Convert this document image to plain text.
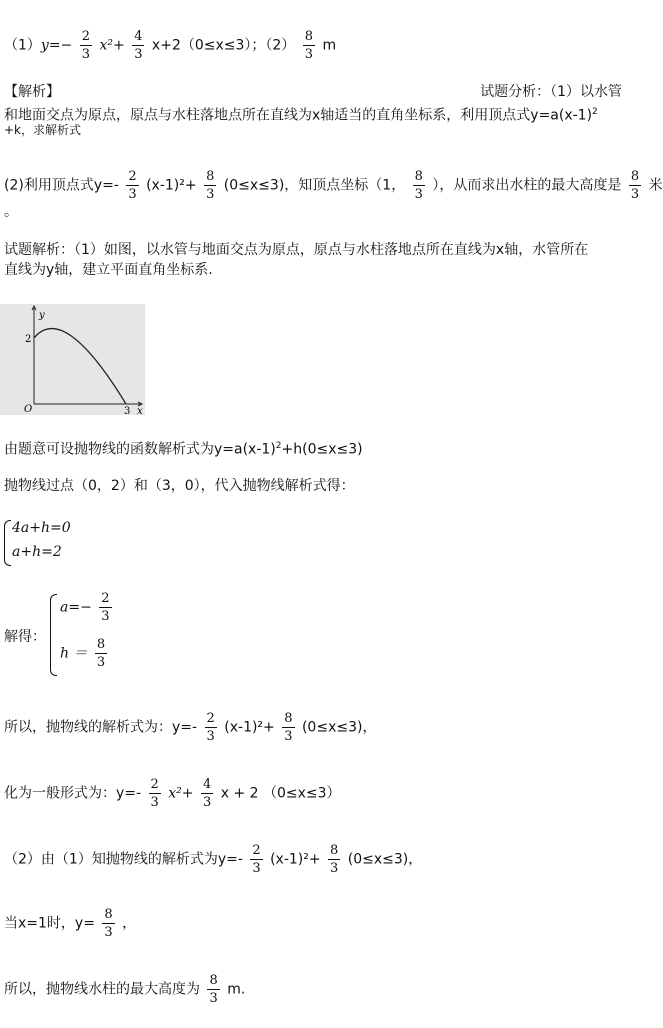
$(1)y=- \frac{2}{3} x^2+ \frac{4}{3} x+2(0\le x\le 3)$；$(2) \frac{8}{3}$ m
【解析】	试题分析：（1）以水管
和地面交点为原点，原点与水柱落地点所在直线为x轴适当的直角坐标系，利用顶点式$y=a(x-1)^2$
+k，求解析式
(2)利用顶点式$y=- \frac{2}{3} (x-1)^2+ \frac{8}{3} (0\le x\le 3)$，知顶点坐标（1， $\frac{8}{3}$ ），从而求出水柱的最大高度是 $\frac{8}{3}$ 米
。
试题解析：（1）如图，以水管与地面交点为原点，原点与水柱落地点所在直线为x轴，水管所在
直线为y轴，建立平面直角坐标系.
y
x
O
2
3
由题意可设抛物线的函数解析式为$y=a(x-1)^2+h(0\le x\le 3)$
抛物线过点（0，2）和（3，0），代入抛物线解析式得：
4a+h=0
a+h=2
解得：
$a=- \frac{2}{3}$
$h = \frac{8}{3}$
所以，抛物线的解析式为：$y=- \frac{2}{3} (x-1)^2+ \frac{8}{3} (0\le x\le 3)$，
化为一般形式为：$y=- \frac{2}{3} x^2+ \frac{4}{3}$ x + 2 （0≤x≤3）
（2）由（1）知抛物线的解析式为$y=- \frac{2}{3} (x-1)^2+ \frac{8}{3} (0\le x\le 3)$，
当x=1时，$y= \frac{8}{3}$ ，
所以，抛物线水柱的最大高度为 $\frac{8}{3} m$.
